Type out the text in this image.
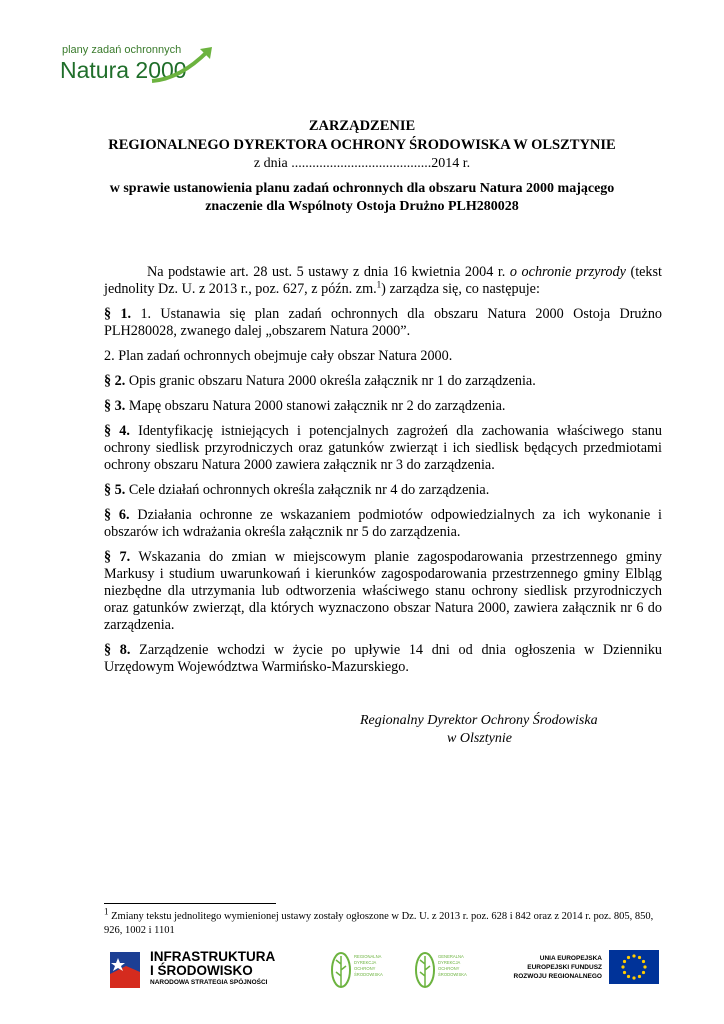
plany zadań ochronnych
Natura 2000
ZARZĄDZENIE
REGIONALNEGO DYREKTORA OCHRONY ŚRODOWISKA W OLSZTYNIE
z dnia ........................................2014 r.
w sprawie ustanowienia planu zadań ochronnych dla obszaru Natura 2000 mającego
znaczenie dla Wspólnoty Ostoja Drużno PLH280028

Na podstawie art. 28 ust. 5 ustawy z dnia 16 kwietnia 2004 r. o ochronie przyrody (tekst jednolity Dz. U. z 2013 r., poz. 627, z późn. zm.$^1$) zarządza się, co następuje:

§ 1. 1. Ustanawia się plan zadań ochronnych dla obszaru Natura 2000 Ostoja Drużno PLH280028, zwanego dalej „obszarem Natura 2000”.

2. Plan zadań ochronnych obejmuje cały obszar Natura 2000.

§ 2. Opis granic obszaru Natura 2000 określa załącznik nr 1 do zarządzenia.

§ 3. Mapę obszaru Natura 2000 stanowi załącznik nr 2 do zarządzenia.

§ 4. Identyfikację istniejących i potencjalnych zagrożeń dla zachowania właściwego stanu ochrony siedlisk przyrodniczych oraz gatunków zwierząt i ich siedlisk będących przedmiotami ochrony obszaru Natura 2000 zawiera załącznik nr 3 do zarządzenia.

§ 5. Cele działań ochronnych określa załącznik nr 4 do zarządzenia.

§ 6. Działania ochronne ze wskazaniem podmiotów odpowiedzialnych za ich wykonanie i obszarów ich wdrażania określa załącznik nr 5 do zarządzenia.

§ 7. Wskazania do zmian w miejscowym planie zagospodarowania przestrzennego gminy Markusy i studium uwarunkowań i kierunków zagospodarowania przestrzennego gminy Elbląg niezbędne dla utrzymania lub odtworzenia właściwego stanu ochrony siedlisk przyrodniczych oraz gatunków zwierząt, dla których wyznaczono obszar Natura 2000, zawiera załącznik nr 6 do zarządzenia.

§ 8. Zarządzenie wchodzi w życie po upływie 14 dni od dnia ogłoszenia w Dzienniku Urzędowym Województwa Warmińsko-Mazurskiego.

Regionalny Dyrektor Ochrony Środowiska
w Olsztynie
$^1$ Zmiany tekstu jednolitego wymienionej ustawy zostały ogłoszone w Dz. U. z 2013 r. poz. 628 i 842 oraz z 2014 r. poz. 805, 850, 926, 1002 i 1101
INFRASTRUKTURA
I ŚRODOWISKO
NARODOWA STRATEGIA SPÓJNOŚCI
REGIONALNA DYREKCJA OCHRONY ŚRODOWISKA
GENERALNA DYREKCJA OCHRONY ŚRODOWISKA
UNIA EUROPEJSKA
EUROPEJSKI FUNDUSZ
ROZWOJU REGIONALNEGO
